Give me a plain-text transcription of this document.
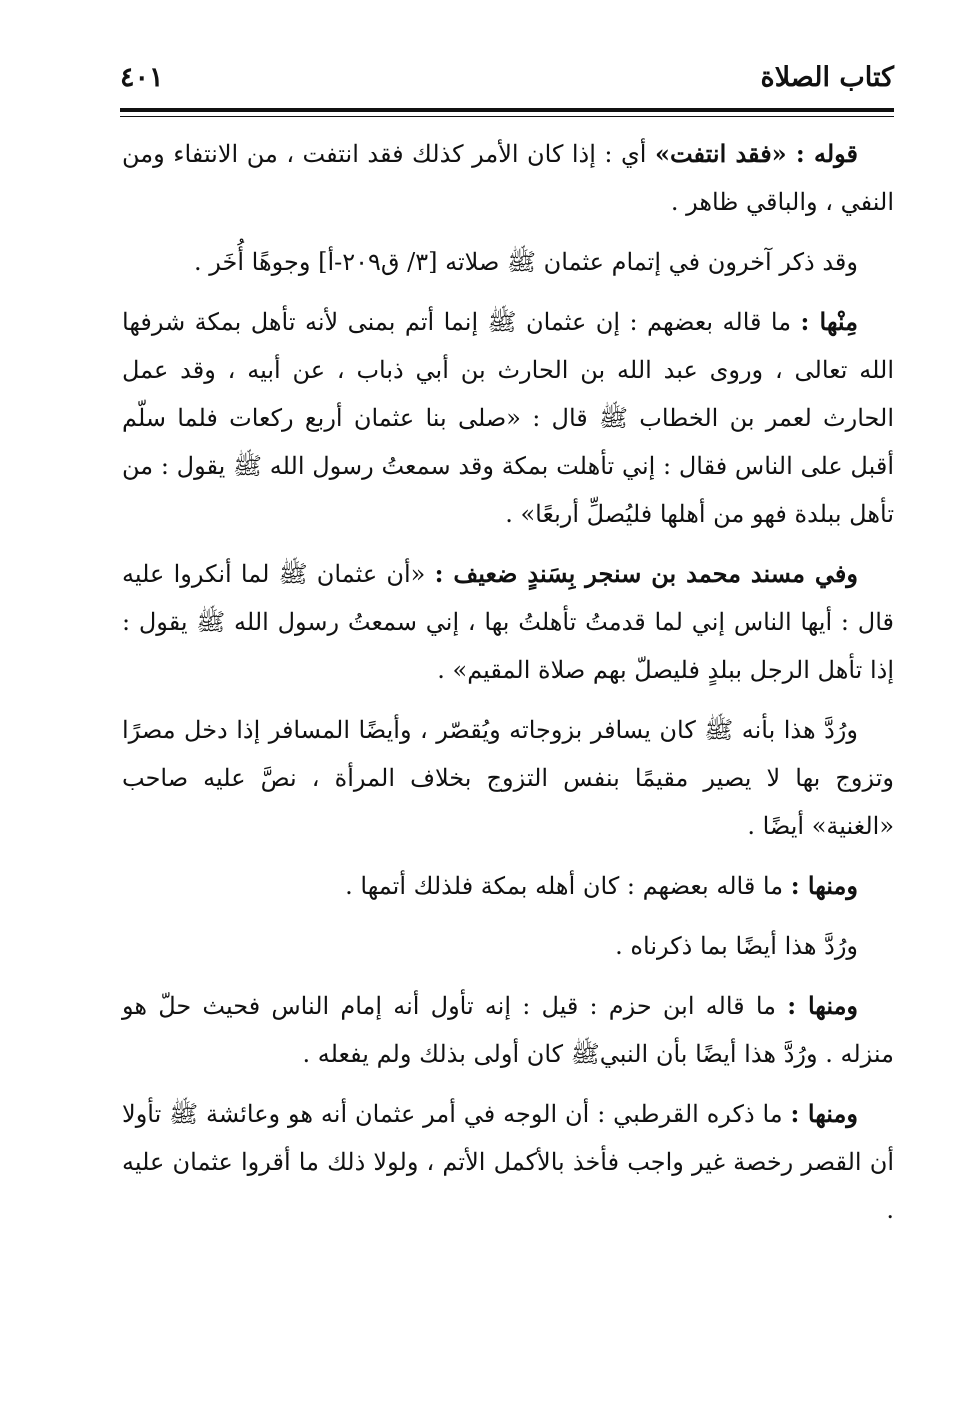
كتاب الصلاة
٤٠١

قوله : «فقد انتفت» أي : إذا كان الأمر كذلك فقد انتفت ، من الانتفاء ومن النفي ، والباقي ظاهر .

وقد ذكر آخرون في إتمام عثمان ﷺ صلاته [٣/ ق٢٠٩-أ] وجوهًا أُخَر .

مِنْها : ما قاله بعضهم : إن عثمان ﷺ إنما أتم بمنى لأنه تأهل بمكة شرفها الله تعالى ، وروى عبد الله بن الحارث بن أبي ذباب ، عن أبيه ، وقد عمل الحارث لعمر بن الخطاب ﷺ قال : «صلى بنا عثمان أربع ركعات فلما سلّم أقبل على الناس فقال : إني تأهلت بمكة وقد سمعتُ رسول الله ﷺ يقول : من تأهل ببلدة فهو من أهلها فليُصلِّ أربعًا» .

وفي مسند محمد بن سنجر بِسَندٍ ضعيف : «أن عثمان ﷺ لما أنكروا عليه قال : أيها الناس إني لما قدمتُ تأهلتُ بها ، إني سمعتُ رسول الله ﷺ يقول : إذا تأهل الرجل ببلدٍ فليصلّ بهم صلاة المقيم» .

ورُدَّ هذا بأنه ﷺ كان يسافر بزوجاته ويُقصّر ، وأيضًا المسافر إذا دخل مصرًا وتزوج بها لا يصير مقيمًا بنفس التزوج بخلاف المرأة ، نصَّ عليه صاحب «الغنية» أيضًا .

ومنها : ما قاله بعضهم : كان أهله بمكة فلذلك أتمها .

ورُدَّ هذا أيضًا بما ذكرناه .

ومنها : ما قاله ابن حزم : قيل : إنه تأول أنه إمام الناس فحيث حلّ هو منزله . ورُدَّ هذا أيضًا بأن النبيﷺ كان أولى بذلك ولم يفعله .

ومنها : ما ذكره القرطبي : أن الوجه في أمر عثمان أنه هو وعائشة ﷺ تأولا أن القصر رخصة غير واجب فأخذ بالأكمل الأتم ، ولولا ذلك ما أقروا عثمان عليه .
